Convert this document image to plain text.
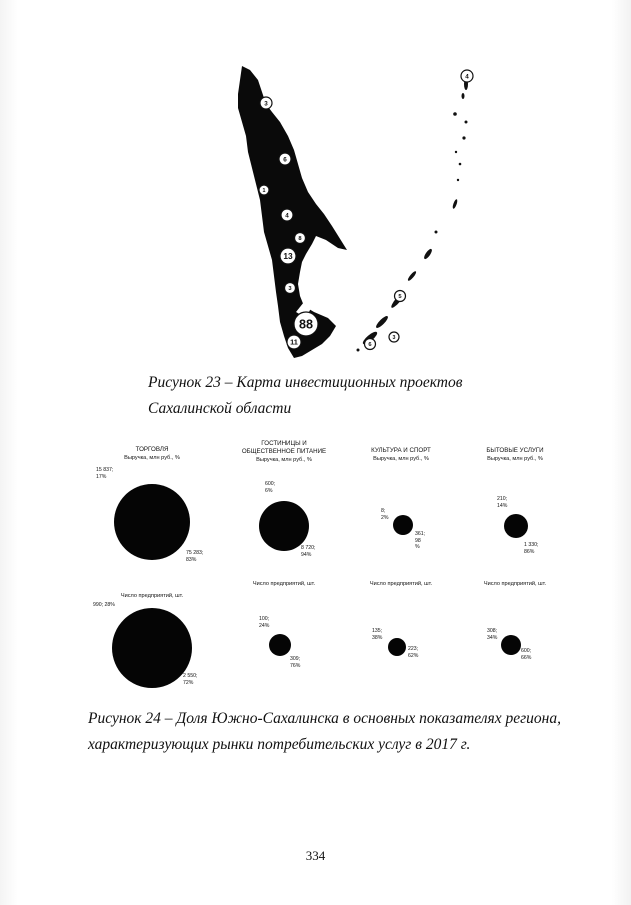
4
3
6
1
4
8
13
3
88
11
5
3
6
Рисунок 23 – Карта инвестиционных проектов Сахалинской области
ТОРГОВЛЯ
Выручка, млн руб., %
15 837;
17%
75 283;
83%
Число предприятий, шт.
990; 28%
2 550;
72%
ГОСТИНИЦЫ И ОБЩЕСТВЕННОЕ ПИТАНИЕ
Выручка, млн руб., %
600;
6%
8 720;
94%
Число предприятий, шт.
100;
24%
309;
76%
КУЛЬТУРА И СПОРТ
Выручка, млн руб., %
8;
2%
361;
98
%
Число предприятий, шт.
135;
38%
223;
62%
БЫТОВЫЕ УСЛУГИ
Выручка, млн руб., %
210;
14%
1 330;
86%
Число предприятий, шт.
308;
34%
600;
66%
Рисунок 24 – Доля Южно-Сахалинска в основных показателях региона, характеризующих рынки потребительских услуг в 2017 г.
334
